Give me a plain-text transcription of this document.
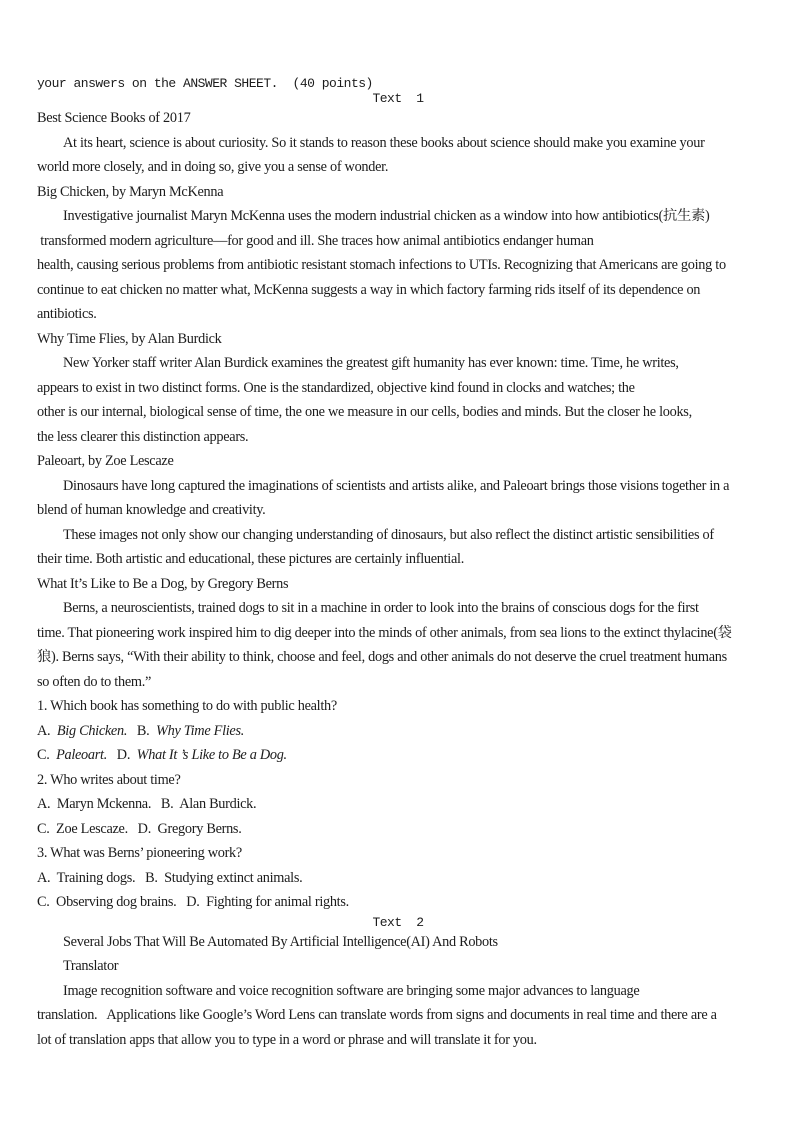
your answers on the ANSWER SHEET.  (40 points)
Text  1
Best Science Books of 2017
At its heart, science is about curiosity. So it stands to reason these books about science should make you examine your
world more closely, and in doing so, give you a sense of wonder.
Big Chicken, by Maryn McKenna
Investigative journalist Maryn McKenna uses the modern industrial chicken as a window into how antibiotics(抗生素)
transformed modern agriculture—for good and ill. She traces how animal antibiotics endanger human
health, causing serious problems from antibiotic resistant stomach infections to UTIs. Recognizing that Americans are going to
continue to eat chicken no matter what, McKenna suggests a way in which factory farming rids itself of its dependence on
antibiotics.
Why Time Flies, by Alan Burdick
New Yorker staff writer Alan Burdick examines the greatest gift humanity has ever known: time. Time, he writes,
appears to exist in two distinct forms. One is the standardized, objective kind found in clocks and watches; the
other is our internal, biological sense of time, the one we measure in our cells, bodies and minds. But the closer he looks,
the less clearer this distinction appears.
Paleoart, by Zoe Lescaze
Dinosaurs have long captured the imaginations of scientists and artists alike, and Paleoart brings those visions together in a
blend of human knowledge and creativity.
These images not only show our changing understanding of dinosaurs, but also reflect the distinct artistic sensibilities of
their time. Both artistic and educational, these pictures are certainly influential.
What It’s Like to Be a Dog, by Gregory Berns
Berns, a neuroscientists, trained dogs to sit in a machine in order to look into the brains of conscious dogs for the first
time. That pioneering work inspired him to dig deeper into the minds of other animals, from sea lions to the extinct thylacine(袋
狼). Berns says, “With their ability to think, choose and feel, dogs and other animals do not deserve the cruel treatment humans
so often do to them.”
1. Which book has something to do with public health?
A.  Big Chicken.   B.  Why Time Flies.
C.  Paleoart.   D.  What It ’s Like to Be a Dog.
2. Who writes about time?
A.  Maryn Mckenna.   B.  Alan Burdick.
C.  Zoe Lescaze.   D.  Gregory Berns.
3. What was Berns’ pioneering work?
A.  Training dogs.   B.  Studying extinct animals.
C.  Observing dog brains.   D.  Fighting for animal rights.
Text  2
Several Jobs That Will Be Automated By Artificial Intelligence(AI) And Robots
Translator
Image recognition software and voice recognition software are bringing some major advances to language
translation.   Applications like Google’s Word Lens can translate words from signs and documents in real time and there are a
lot of translation apps that allow you to type in a word or phrase and will translate it for you.
